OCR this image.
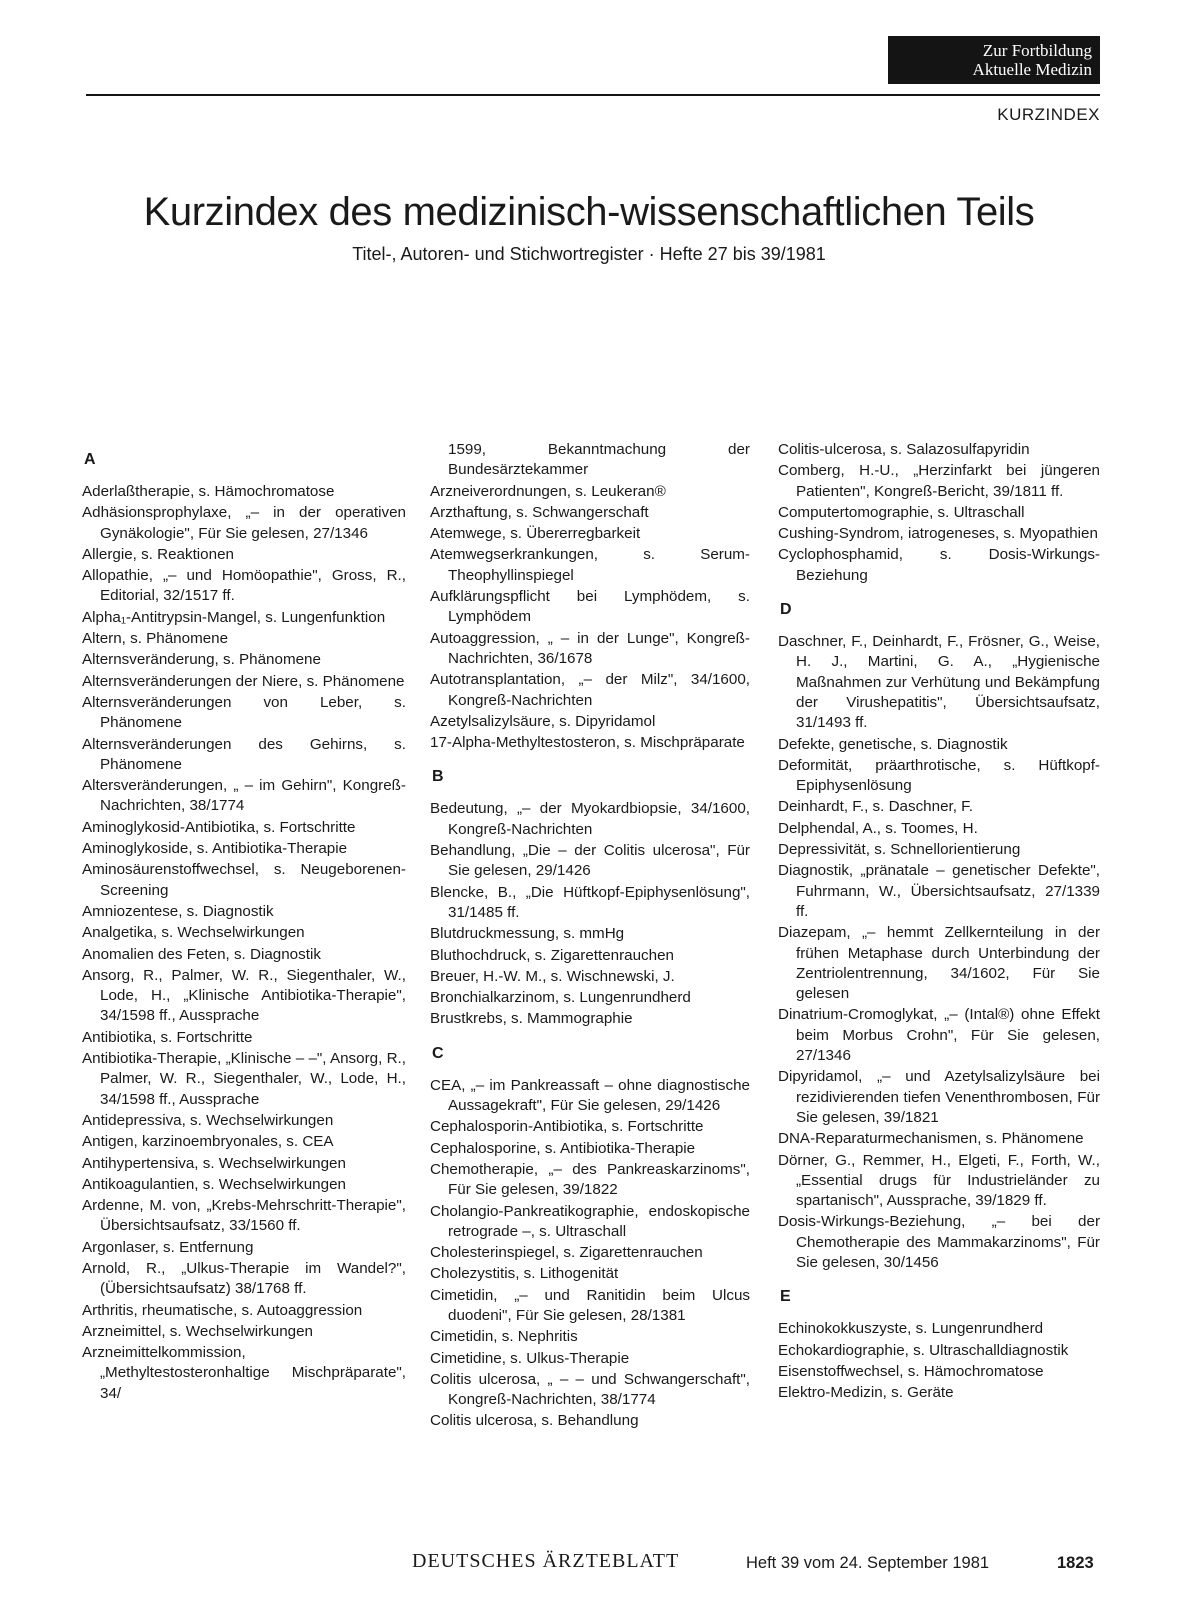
Zur Fortbildung
Aktuelle Medizin
KURZINDEX
Kurzindex des medizinisch-wissenschaftlichen Teils
Titel-, Autoren- und Stichwortregister · Hefte 27 bis 39/1981
A
Aderlaßtherapie, s. Hämochromatose
Adhäsionsprophylaxe, „– in der operativen Gynäkologie", Für Sie gelesen, 27/1346
Allergie, s. Reaktionen
Allopathie, „– und Homöopathie", Gross, R., Editorial, 32/1517 ff.
Alpha₁-Antitrypsin-Mangel, s. Lungenfunktion
Altern, s. Phänomene
Alternsveränderung, s. Phänomene
Alternsveränderungen der Niere, s. Phänomene
Alternsveränderungen von Leber, s. Phänomene
Alternsveränderungen des Gehirns, s. Phänomene
Altersveränderungen, „ – im Gehirn", Kongreß-Nachrichten, 38/1774
Aminoglykosid-Antibiotika, s. Fortschritte
Aminoglykoside, s. Antibiotika-Therapie
Aminosäurenstoffwechsel, s. Neugeborenen-Screening
Amniozentese, s. Diagnostik
Analgetika, s. Wechselwirkungen
Anomalien des Feten, s. Diagnostik
Ansorg, R., Palmer, W. R., Siegenthaler, W., Lode, H., „Klinische Antibiotika-Therapie", 34/1598 ff., Aussprache
Antibiotika, s. Fortschritte
Antibiotika-Therapie, „Klinische – –", Ansorg, R., Palmer, W. R., Siegenthaler, W., Lode, H., 34/1598 ff., Aussprache
Antidepressiva, s. Wechselwirkungen
Antigen, karzinoembryonales, s. CEA
Antihypertensiva, s. Wechselwirkungen
Antikoagulantien, s. Wechselwirkungen
Ardenne, M. von, „Krebs-Mehrschritt-Therapie", Übersichtsaufsatz, 33/1560 ff.
Argonlaser, s. Entfernung
Arnold, R., „Ulkus-Therapie im Wandel?", (Übersichtsaufsatz) 38/1768 ff.
Arthritis, rheumatische, s. Autoaggression
Arzneimittel, s. Wechselwirkungen
Arzneimittelkommission, „Methyltestosteronhaltige Mischpräparate", 34/
1599, Bekanntmachung der Bundesärztekammer
Arzneiverordnungen, s. Leukeran®
Arzthaftung, s. Schwangerschaft
Atemwege, s. Übererregbarkeit
Atemwegserkrankungen, s. Serum-Theophyllinspiegel
Aufklärungspflicht bei Lymphödem, s. Lymphödem
Autoaggression, „ – in der Lunge", Kongreß-Nachrichten, 36/1678
Autotransplantation, „– der Milz", 34/1600, Kongreß-Nachrichten
Azetylsalizylsäure, s. Dipyridamol
17-Alpha-Methyltestosteron, s. Mischpräparate
B
Bedeutung, „– der Myokardbiopsie, 34/1600, Kongreß-Nachrichten
Behandlung, „Die – der Colitis ulcerosa", Für Sie gelesen, 29/1426
Blencke, B., „Die Hüftkopf-Epiphysenlösung", 31/1485 ff.
Blutdruckmessung, s. mmHg
Bluthochdruck, s. Zigarettenrauchen
Breuer, H.-W. M., s. Wischnewski, J.
Bronchialkarzinom, s. Lungenrundherd
Brustkrebs, s. Mammographie
C
CEA, „– im Pankreassaft – ohne diagnostische Aussagekraft", Für Sie gelesen, 29/1426
Cephalosporin-Antibiotika, s. Fortschritte
Cephalosporine, s. Antibiotika-Therapie
Chemotherapie, „– des Pankreaskarzinoms", Für Sie gelesen, 39/1822
Cholangio-Pankreatikographie, endoskopische retrograde –, s. Ultraschall
Cholesterinspiegel, s. Zigarettenrauchen
Cholezystitis, s. Lithogenität
Cimetidin, „– und Ranitidin beim Ulcus duodeni", Für Sie gelesen, 28/1381
Cimetidin, s. Nephritis
Cimetidine, s. Ulkus-Therapie
Colitis ulcerosa, „ – – und Schwangerschaft", Kongreß-Nachrichten, 38/1774
Colitis ulcerosa, s. Behandlung
Colitis-ulcerosa, s. Salazosulfapyridin
Comberg, H.-U., „Herzinfarkt bei jüngeren Patienten", Kongreß-Bericht, 39/1811 ff.
Computertomographie, s. Ultraschall
Cushing-Syndrom, iatrogeneses, s. Myopathien
Cyclophosphamid, s. Dosis-Wirkungs-Beziehung
D
Daschner, F., Deinhardt, F., Frösner, G., Weise, H. J., Martini, G. A., „Hygienische Maßnahmen zur Verhütung und Bekämpfung der Virushepatitis", Übersichtsaufsatz, 31/1493 ff.
Defekte, genetische, s. Diagnostik
Deformität, präarthrotische, s. Hüftkopf-Epiphysenlösung
Deinhardt, F., s. Daschner, F.
Delphendal, A., s. Toomes, H.
Depressivität, s. Schnellorientierung
Diagnostik, „pränatale – genetischer Defekte", Fuhrmann, W., Übersichtsaufsatz, 27/1339 ff.
Diazepam, „– hemmt Zellkernteilung in der frühen Metaphase durch Unterbindung der Zentriolentrennung, 34/1602, Für Sie gelesen
Dinatrium-Cromoglykat, „– (Intal®) ohne Effekt beim Morbus Crohn", Für Sie gelesen, 27/1346
Dipyridamol, „– und Azetylsalizylsäure bei rezidivierenden tiefen Venenthrombosen, Für Sie gelesen, 39/1821
DNA-Reparaturmechanismen, s. Phänomene
Dörner, G., Remmer, H., Elgeti, F., Forth, W., „Essential drugs für Industrieländer zu spartanisch", Aussprache, 39/1829 ff.
Dosis-Wirkungs-Beziehung, „– bei der Chemotherapie des Mammakarzinoms", Für Sie gelesen, 30/1456
E
Echinokokkuszyste, s. Lungenrundherd
Echokardiographie, s. Ultraschalldiagnostik
Eisenstoffwechsel, s. Hämochromatose
Elektro-Medizin, s. Geräte
DEUTSCHES ÄRZTEBLATT	Heft 39 vom 24. September 1981	1823
